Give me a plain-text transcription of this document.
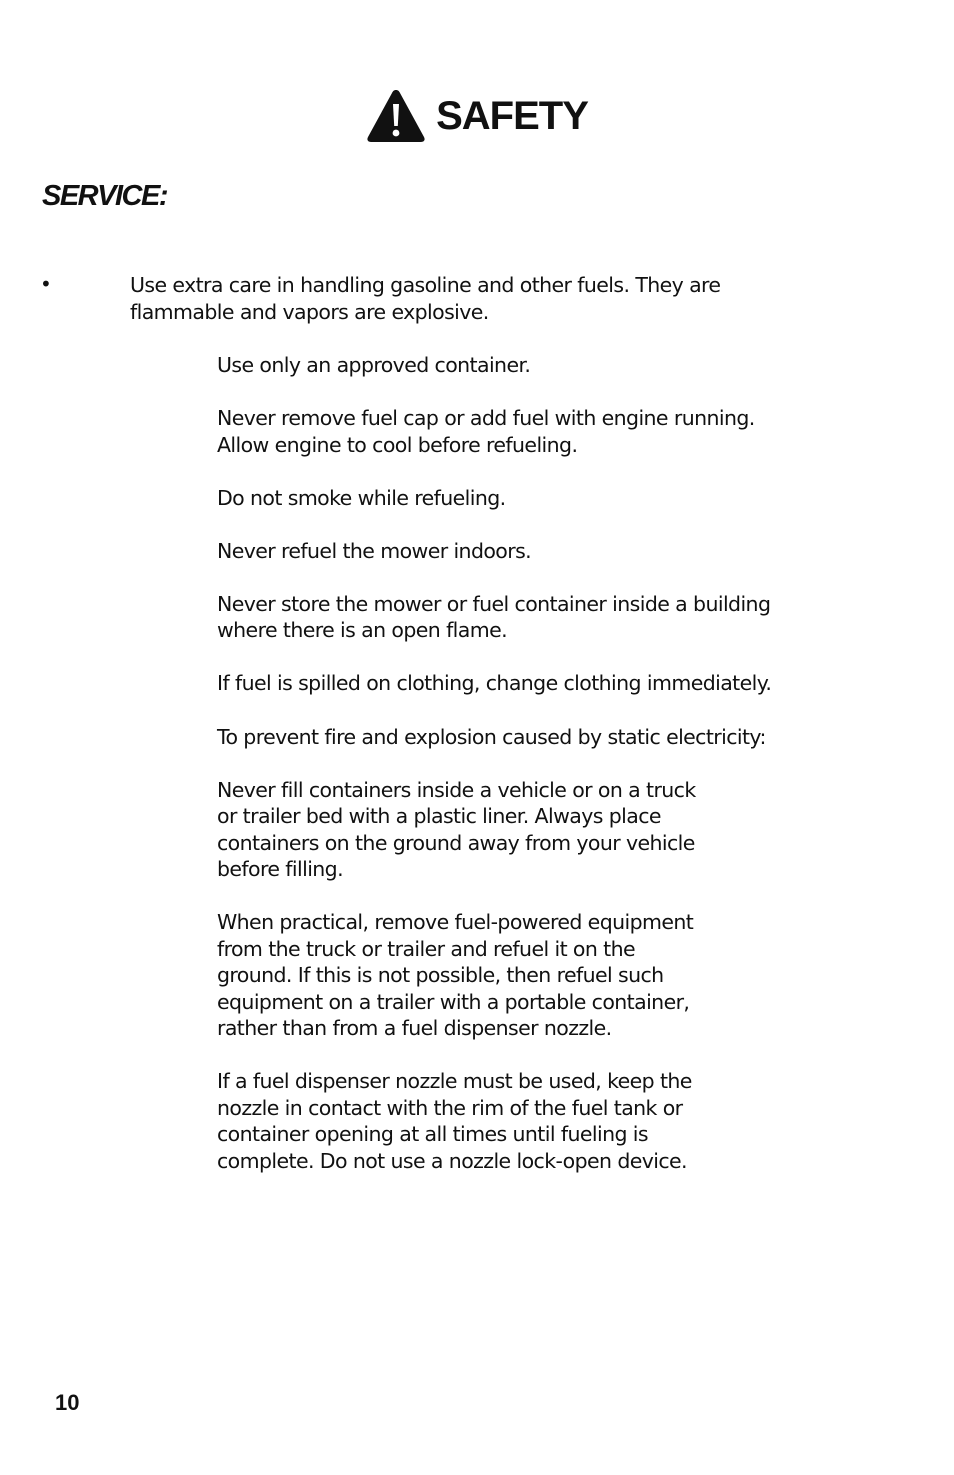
SAFETY
SERVICE:
•	Use extra care in handling gasoline and other fuels. They are
flammable and vapors are explosive.

Use only an approved container.

Never remove fuel cap or add fuel with engine running.
Allow engine to cool before refueling.

Do not smoke while refueling.

Never refuel the mower indoors.

Never store the mower or fuel container inside a building
where there is an open flame.

If fuel is spilled on clothing, change clothing immediately.

To prevent fire and explosion caused by static electricity:

Never fill containers inside a vehicle or on a truck
or trailer bed with a plastic liner. Always place
containers on the ground away from your vehicle
before filling.

When practical, remove fuel-powered equipment
from the truck or trailer and refuel it on the
ground. If this is not possible, then refuel such
equipment on a trailer with a portable container,
rather than from a fuel dispenser nozzle.

If a fuel dispenser nozzle must be used, keep the
nozzle in contact with the rim of the fuel tank or
container opening at all times until fueling is
complete. Do not use a nozzle lock-open device.

10
